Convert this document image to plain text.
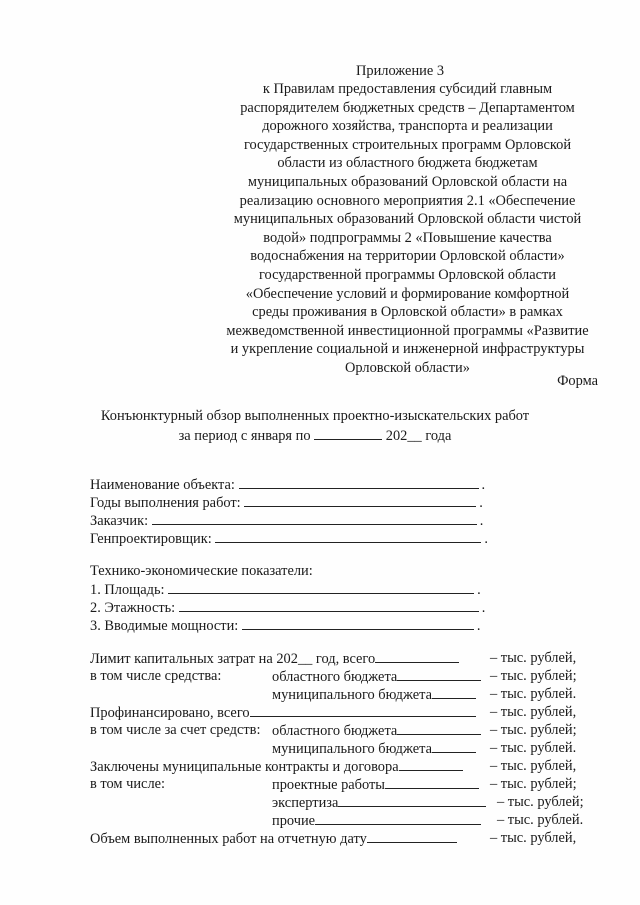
Приложение 3
к Правилам предоставления субсидий главным
распорядителем бюджетных средств – Департаментом
дорожного хозяйства, транспорта и реализации
государственных строительных программ Орловской
области из областного бюджета бюджетам
муниципальных образований Орловской области на
реализацию основного мероприятия 2.1 «Обеспечение
муниципальных образований Орловской области чистой
водой» подпрограммы 2 «Повышение качества
водоснабжения на территории Орловской области»
государственной программы Орловской области
«Обеспечение условий и формирование комфортной
среды проживания в Орловской области» в рамках
межведомственной инвестиционной программы «Развитие
и укрепление социальной и инженерной инфраструктуры
Орловской области»
Форма
Конъюнктурный обзор выполненных проектно-изыскательских работ
за период с января по	202__ года
Наименование объекта:	.
Годы выполнения работ:	.
Заказчик:	.
Генпроектировщик:	.
Технико-экономические показатели:
1. Площадь:	.
2. Этажность:	.
3. Вводимые мощности:	.
Лимит капитальных затрат на 202__ год, всего	– тыс. рублей,
в том числе средства:	областного бюджета	– тыс. рублей;
муниципального бюджета	– тыс. рублей.
Профинансировано, всего	– тыс. рублей,
в том числе за счет средств: областного бюджета	– тыс. рублей;
муниципального бюджета	– тыс. рублей.
Заключены муниципальные контракты и договора	– тыс. рублей,
в том числе:	проектные работы	– тыс. рублей;
экспертиза	– тыс. рублей;
прочие	– тыс. рублей.
Объем выполненных работ на отчетную дату	– тыс. рублей,
